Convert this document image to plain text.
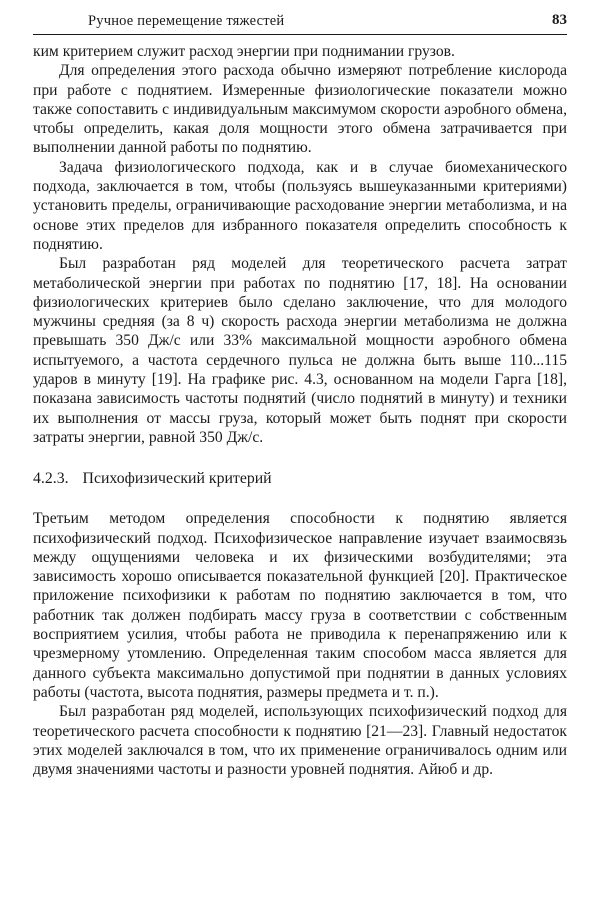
Ручное перемещение тяжестей	83

ким критерием служит расход энергии при поднимании грузов.

Для определения этого расхода обычно измеряют потребление кислорода при работе с поднятием. Измеренные физиологические показатели можно также сопоставить с индивидуальным максимумом скорости аэробного обмена, чтобы определить, какая доля мощности этого обмена затрачивается при выполнении данной работы по поднятию.

Задача физиологического подхода, как и в случае биомеханического подхода, заключается в том, чтобы (пользуясь вышеуказанными критериями) установить пределы, ограничивающие расходование энергии метаболизма, и на основе этих пределов для избранного показателя определить способность к поднятию.

Был разработан ряд моделей для теоретического расчета затрат метаболической энергии при работах по поднятию [17, 18]. На основании физиологических критериев было сделано заключение, что для молодого мужчины средняя (за 8 ч) скорость расхода энергии метаболизма не должна превышать 350 Дж/с или 33% максимальной мощности аэробного обмена испытуемого, а частота сердечного пульса не должна быть выше 110...115 ударов в минуту [19]. На графике рис. 4.3, основанном на модели Гарга [18], показана зависимость частоты поднятий (число поднятий в минуту) и техники их выполнения от массы груза, который может быть поднят при скорости затраты энергии, равной 350 Дж/с.

4.2.3. Психофизический критерий

Третьим методом определения способности к поднятию является психофизический подход. Психофизическое направление изучает взаимосвязь между ощущениями человека и их физическими возбудителями; эта зависимость хорошо описывается показательной функцией [20]. Практическое приложение психофизики к работам по поднятию заключается в том, что работник так должен подбирать массу груза в соответствии с собственным восприятием усилия, чтобы работа не приводила к перенапряжению или к чрезмерному утомлению. Определенная таким способом масса является для данного субъекта максимально допустимой при поднятии в данных условиях работы (частота, высота поднятия, размеры предмета и т. п.).

Был разработан ряд моделей, использующих психофизический подход для теоретического расчета способности к поднятию [21—23]. Главный недостаток этих моделей заключался в том, что их применение ограничивалось одним или двумя значениями частоты и разности уровней поднятия. Айюб и др.
